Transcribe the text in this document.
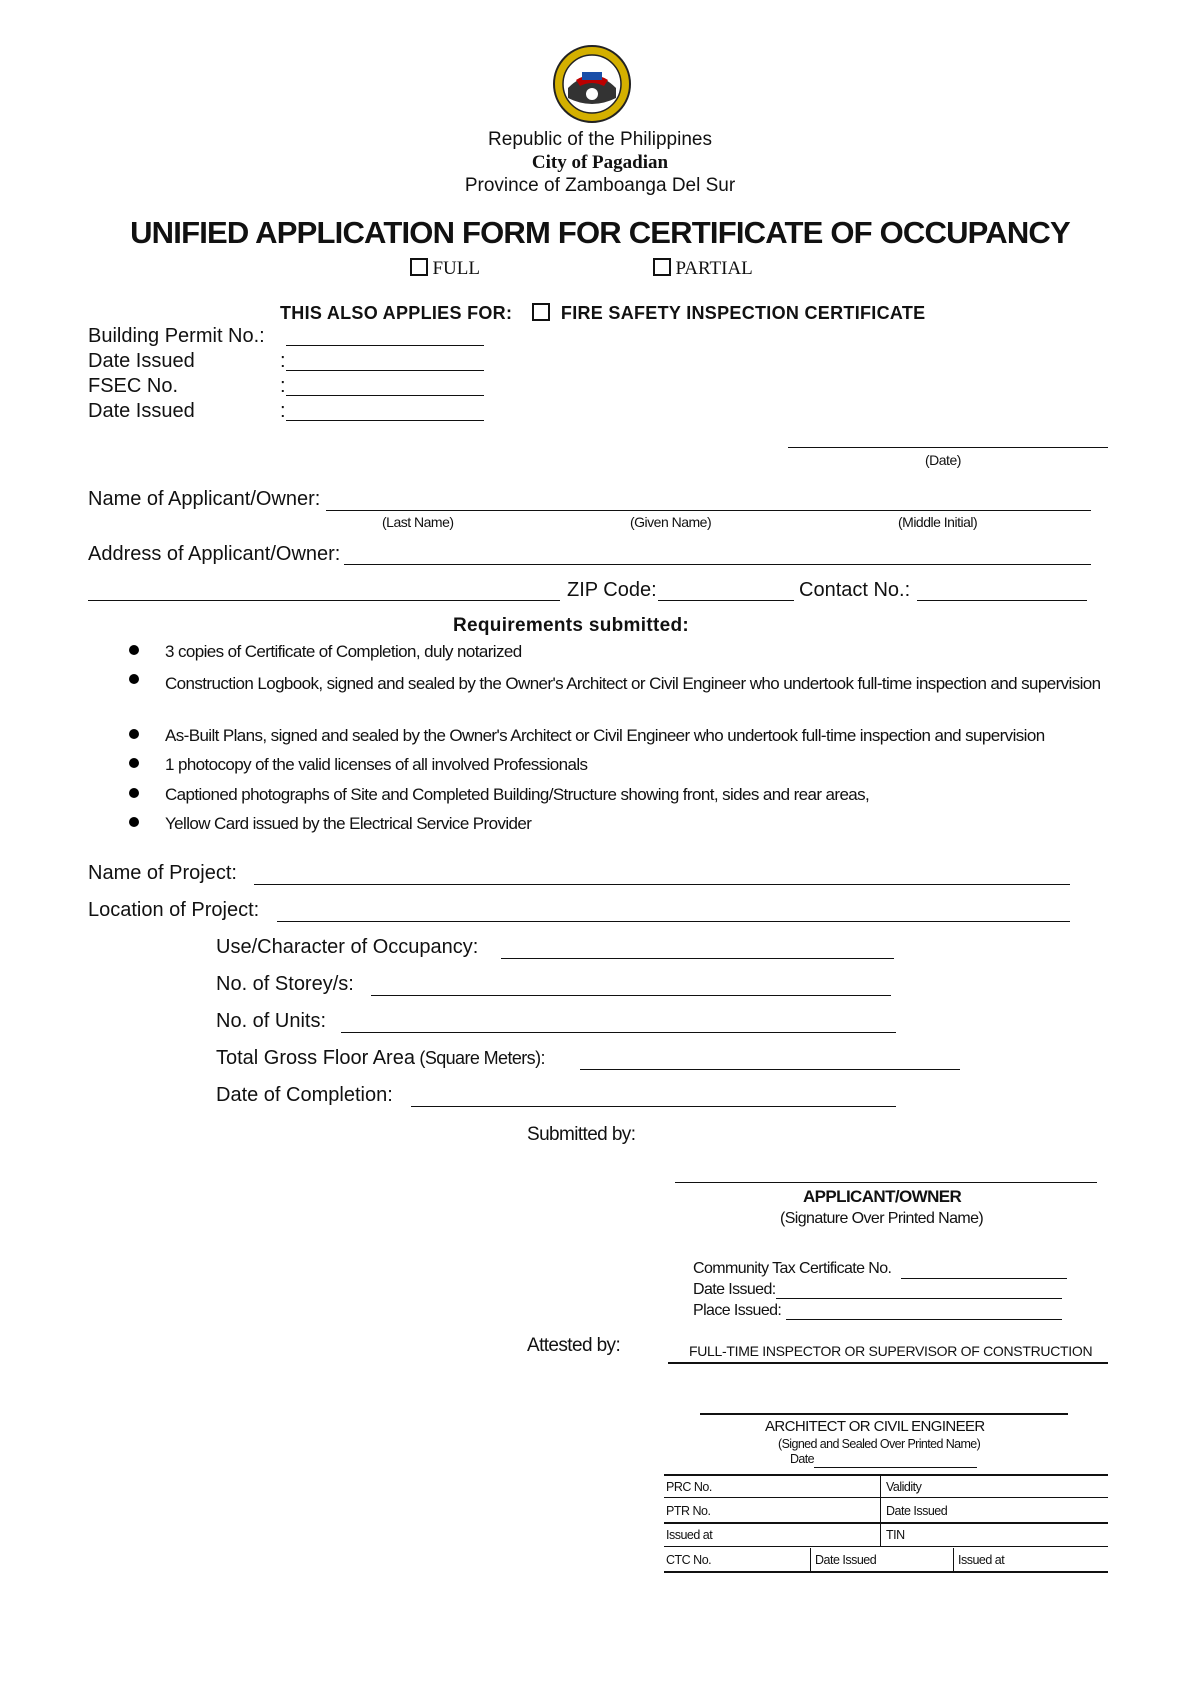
Republic of the Philippines
City of Pagadian
Province of Zamboanga Del Sur
UNIFIED APPLICATION FORM FOR CERTIFICATE OF OCCUPANCY
FULL	PARTIAL
THIS ALSO APPLIES FOR:	FIRE SAFETY INSPECTION CERTIFICATE
Building Permit No.:
Date Issued	:
FSEC No.	:
Date Issued	:
(Date)
Name of Applicant/Owner:
(Last Name)	(Given Name)	(Middle Initial)
Address of Applicant/Owner:
ZIP Code:	Contact No.:
Requirements submitted:
3 copies of Certificate of Completion, duly notarized
Construction Logbook, signed and sealed by the Owner's Architect or Civil Engineer who undertook full-time inspection and supervision
As-Built Plans, signed and sealed by the Owner's Architect or Civil Engineer who undertook full-time inspection and supervision
1 photocopy of the valid licenses of all involved Professionals
Captioned photographs of Site and Completed Building/Structure showing front, sides and rear areas,
Yellow Card issued by the Electrical Service Provider
Name of Project:
Location of Project:
Use/Character of Occupancy:
No. of Storey/s:
No. of Units:
Total Gross Floor Area (Square Meters):
Date of Completion:
Submitted by:
APPLICANT/OWNER
(Signature Over Printed Name)
Community Tax Certificate No.
Date Issued:
Place Issued:
Attested by:	FULL-TIME INSPECTOR OR SUPERVISOR OF CONSTRUCTION
ARCHITECT OR CIVIL ENGINEER
(Signed and Sealed Over Printed Name)
Date
PRC No.	Validity
PTR No.	Date Issued
Issued at	TIN
CTC No.	Date Issued	Issued at
